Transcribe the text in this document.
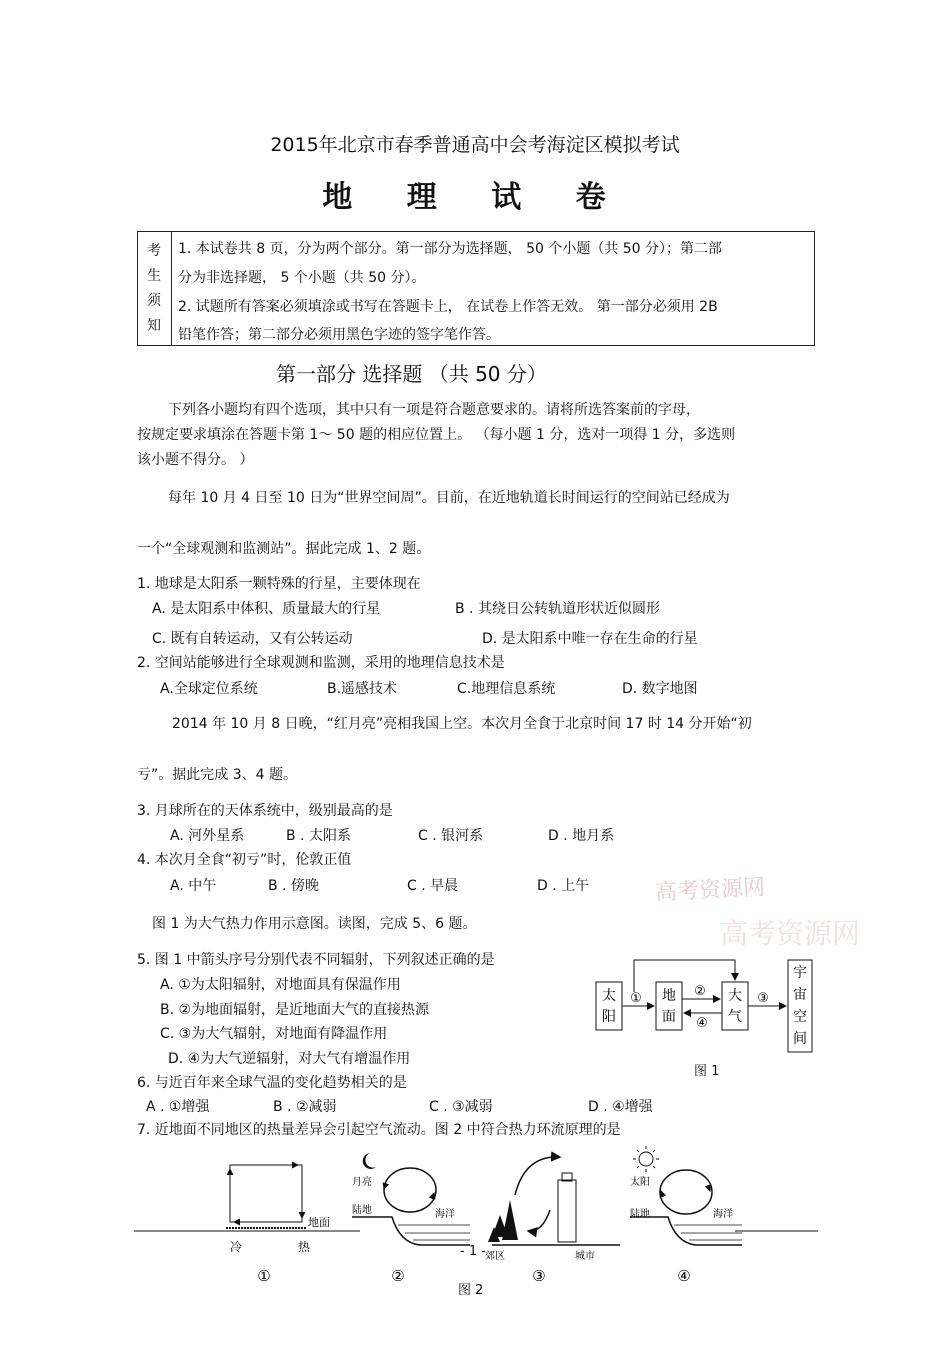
2015年北京市春季普通高中会考海淀区模拟考试
地 理 试 卷
考
生
须
知
1. 本试卷共 8 页，分为两个部分。第一部分为选择题， 50 个小题（共 50 分）；第二部
分为非选择题， 5 个小题（共 50 分）。
2. 试题所有答案必须填涂或书写在答题卡上， 在试卷上作答无效。 第一部分必须用 2B
铅笔作答；第二部分必须用黑色字迹的签字笔作答。
第一部分 选择题 （共 50 分）
下列各小题均有四个选项，其中只有一项是符合题意要求的。请将所选答案前的字母，
按规定要求填涂在答题卡第 1～ 50 题的相应位置上。 （每小题 1 分，选对一项得 1 分，多选则
该小题不得分。 ）
每年 10 月 4 日至 10 日为“世界空间周”。目前，在近地轨道长时间运行的空间站已经成为
一个“全球观测和监测站”。据此完成 1、2 题。
1. 地球是太阳系一颗特殊的行星，主要体现在
A. 是太阳系中体积、质量最大的行星	B . 其绕日公转轨道形状近似圆形
C. 既有自转运动，又有公转运动	D. 是太阳系中唯一存在生命的行星
2. 空间站能够进行全球观测和监测，采用的地理信息技术是
A.全球定位系统	B.遥感技术	C.地理信息系统	D. 数字地图
2014 年 10 月 8 日晚，“红月亮”亮相我国上空。本次月全食于北京时间 17 时 14 分开始“初
亏”。据此完成 3、4 题。
3. 月球所在的天体系统中，级别最高的是
A. 河外星系	B . 太阳系	C . 银河系	D . 地月系
4. 本次月全食“初亏”时，伦敦正值
A. 中午	B . 傍晚	C . 早晨	D . 上午	高考资源网
高考资源网
图 1 为大气热力作用示意图。读图，完成 5、6 题。
5. 图 1 中箭头序号分别代表不同辐射，下列叙述正确的是
A. ①为太阳辐射，对地面具有保温作用
B. ②为地面辐射，是近地面大气的直接热源
C. ③为大气辐射，对地面有降温作用
D. ④为大气逆辐射，对大气有增温作用
6. 与近百年来全球气温的变化趋势相关的是
A . ①增强	B . ②减弱	C . ③减弱	D . ④增强
7. 近地面不同地区的热量差异会引起空气流动。图 2 中符合热力环流原理的是
太
阳
地
面
大
气
宇
宙
空
间
①	②
④
③
图 1
地面
冷	热
月亮
陆地	海洋
郊区	城市
太阳
陆地	海洋
①	②	③	④
- 1 -
图 2
